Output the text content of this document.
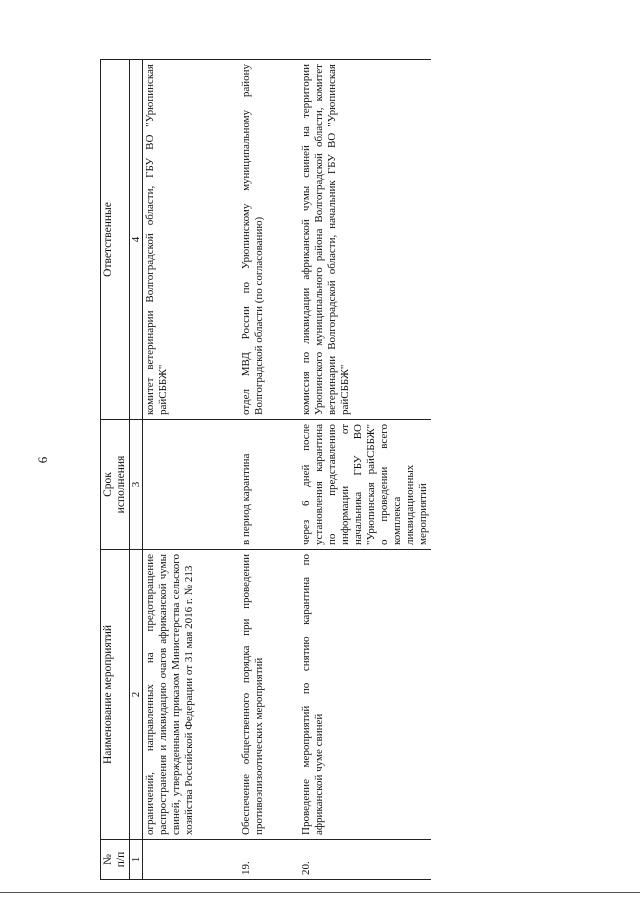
6
№
п/п	Наименование мероприятий	Срок
исполнения	Ответственные
1	2	3	4
	ограничений, направленных на предотвращение распространения и ликвидацию очагов африканской чумы свиней, утвержденными приказом Министерства сельского хозяйства Российской Федерации от 31 мая 2016 г. № 213		комитет ветеринарии Волгоградской области, ГБУ ВО "Урюпинская райСББЖ"
19.	Обеспечение общественного порядка при проведении противоэпизоотических мероприятий	в период карантина	отдел МВД России по Урюпинскому муниципальному району Волгоградской области (по согласованию)
20.	Проведение мероприятий по снятию карантина по африканской чуме свиней	через 6 дней после установления карантина по представлению информации от начальника ГБУ ВО "Урюпинская райСББЖ" о проведении всего комплекса ликвидационных мероприятий	комиссия по ликвидации африканской чумы свиней на территории Урюпинского муниципального района Волгоградской области, комитет ветеринарии Волгоградской области, начальник ГБУ ВО "Урюпинская райСББЖ"
